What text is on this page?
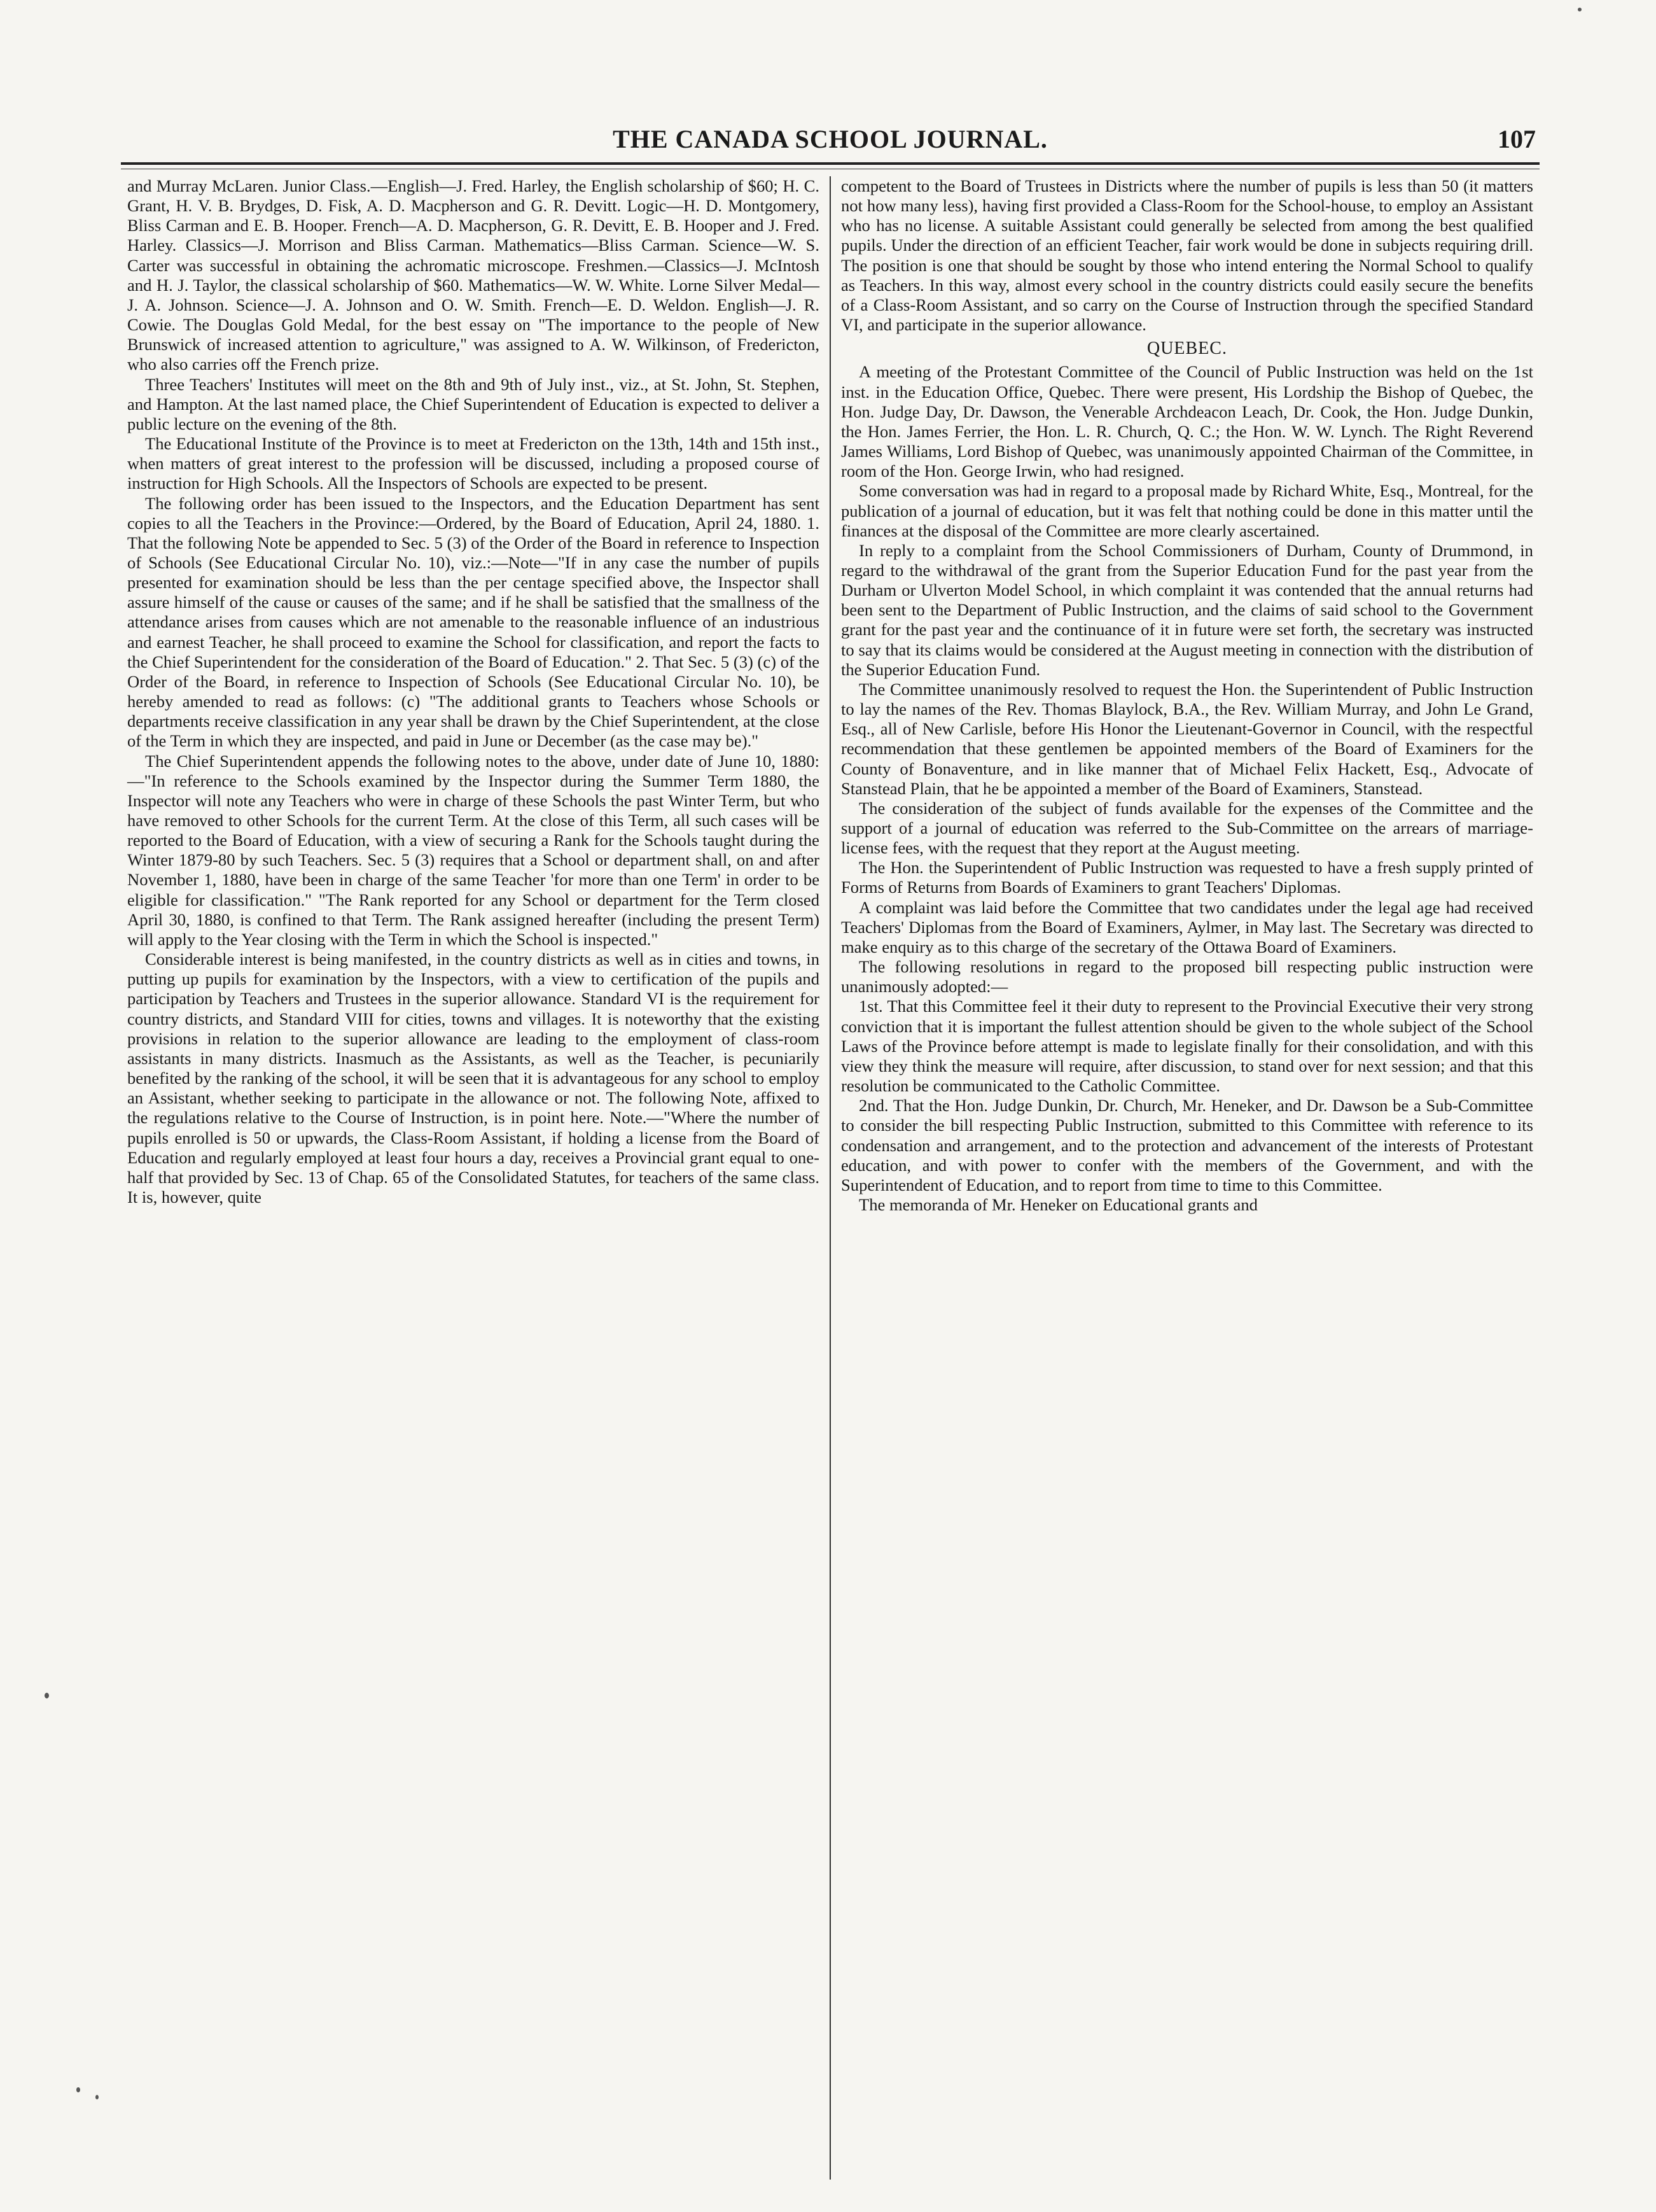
THE CANADA SCHOOL JOURNAL.	107

and Murray McLaren. Junior Class.—English—J. Fred. Harley, the English scholarship of $60; H. C. Grant, H. V. B. Brydges, D. Fisk, A. D. Macpherson and G. R. Devitt. Logic—H. D. Montgomery, Bliss Carman and E. B. Hooper. French—A. D. Macpherson, G. R. Devitt, E. B. Hooper and J. Fred. Harley. Classics—J. Morrison and Bliss Carman. Mathematics—Bliss Carman. Science—W. S. Carter was successful in obtaining the achromatic microscope. Freshmen.—Classics—J. McIntosh and H. J. Taylor, the classical scholarship of $60. Mathematics—W. W. White. Lorne Silver Medal—J. A. Johnson. Science—J. A. Johnson and O. W. Smith. French—E. D. Weldon. English—J. R. Cowie. The Douglas Gold Medal, for the best essay on "The importance to the people of New Brunswick of increased attention to agriculture," was assigned to A. W. Wilkinson, of Fredericton, who also carries off the French prize.

Three Teachers' Institutes will meet on the 8th and 9th of July inst., viz., at St. John, St. Stephen, and Hampton. At the last named place, the Chief Superintendent of Education is expected to deliver a public lecture on the evening of the 8th.

The Educational Institute of the Province is to meet at Fredericton on the 13th, 14th and 15th inst., when matters of great interest to the profession will be discussed, including a proposed course of instruction for High Schools. All the Inspectors of Schools are expected to be present.

The following order has been issued to the Inspectors, and the Education Department has sent copies to all the Teachers in the Province:—Ordered, by the Board of Education, April 24, 1880. 1. That the following Note be appended to Sec. 5 (3) of the Order of the Board in reference to Inspection of Schools (See Educational Circular No. 10), viz.:—Note—"If in any case the number of pupils presented for examination should be less than the per centage specified above, the Inspector shall assure himself of the cause or causes of the same; and if he shall be satisfied that the smallness of the attendance arises from causes which are not amenable to the reasonable influence of an industrious and earnest Teacher, he shall proceed to examine the School for classification, and report the facts to the Chief Superintendent for the consideration of the Board of Education." 2. That Sec. 5 (3) (c) of the Order of the Board, in reference to Inspection of Schools (See Educational Circular No. 10), be hereby amended to read as follows: (c) "The additional grants to Teachers whose Schools or departments receive classification in any year shall be drawn by the Chief Superintendent, at the close of the Term in which they are inspected, and paid in June or December (as the case may be)."

The Chief Superintendent appends the following notes to the above, under date of June 10, 1880:—"In reference to the Schools examined by the Inspector during the Summer Term 1880, the Inspector will note any Teachers who were in charge of these Schools the past Winter Term, but who have removed to other Schools for the current Term. At the close of this Term, all such cases will be reported to the Board of Education, with a view of securing a Rank for the Schools taught during the Winter 1879-80 by such Teachers. Sec. 5 (3) requires that a School or department shall, on and after November 1, 1880, have been in charge of the same Teacher 'for more than one Term' in order to be eligible for classification." "The Rank reported for any School or department for the Term closed April 30, 1880, is confined to that Term. The Rank assigned hereafter (including the present Term) will apply to the Year closing with the Term in which the School is inspected."

Considerable interest is being manifested, in the country districts as well as in cities and towns, in putting up pupils for examination by the Inspectors, with a view to certification of the pupils and participation by Teachers and Trustees in the superior allowance. Standard VI is the requirement for country districts, and Standard VIII for cities, towns and villages. It is noteworthy that the existing provisions in relation to the superior allowance are leading to the employment of class-room assistants in many districts. Inasmuch as the Assistants, as well as the Teacher, is pecuniarily benefited by the ranking of the school, it will be seen that it is advantageous for any school to employ an Assistant, whether seeking to participate in the allowance or not. The following Note, affixed to the regulations relative to the Course of Instruction, is in point here. Note.—"Where the number of pupils enrolled is 50 or upwards, the Class-Room Assistant, if holding a license from the Board of Education and regularly employed at least four hours a day, receives a Provincial grant equal to one-half that provided by Sec. 13 of Chap. 65 of the Consolidated Statutes, for teachers of the same class. It is, however, quite

competent to the Board of Trustees in Districts where the number of pupils is less than 50 (it matters not how many less), having first provided a Class-Room for the School-house, to employ an Assistant who has no license. A suitable Assistant could generally be selected from among the best qualified pupils. Under the direction of an efficient Teacher, fair work would be done in subjects requiring drill. The position is one that should be sought by those who intend entering the Normal School to qualify as Teachers. In this way, almost every school in the country districts could easily secure the benefits of a Class-Room Assistant, and so carry on the Course of Instruction through the specified Standard VI, and participate in the superior allowance.

QUEBEC.

A meeting of the Protestant Committee of the Council of Public Instruction was held on the 1st inst. in the Education Office, Quebec. There were present, His Lordship the Bishop of Quebec, the Hon. Judge Day, Dr. Dawson, the Venerable Archdeacon Leach, Dr. Cook, the Hon. Judge Dunkin, the Hon. James Ferrier, the Hon. L. R. Church, Q. C.; the Hon. W. W. Lynch. The Right Reverend James Williams, Lord Bishop of Quebec, was unanimously appointed Chairman of the Committee, in room of the Hon. George Irwin, who had resigned.

Some conversation was had in regard to a proposal made by Richard White, Esq., Montreal, for the publication of a journal of education, but it was felt that nothing could be done in this matter until the finances at the disposal of the Committee are more clearly ascertained.

In reply to a complaint from the School Commissioners of Durham, County of Drummond, in regard to the withdrawal of the grant from the Superior Education Fund for the past year from the Durham or Ulverton Model School, in which complaint it was contended that the annual returns had been sent to the Department of Public Instruction, and the claims of said school to the Government grant for the past year and the continuance of it in future were set forth, the secretary was instructed to say that its claims would be considered at the August meeting in connection with the distribution of the Superior Education Fund.

The Committee unanimously resolved to request the Hon. the Superintendent of Public Instruction to lay the names of the Rev. Thomas Blaylock, B.A., the Rev. William Murray, and John Le Grand, Esq., all of New Carlisle, before His Honor the Lieutenant-Governor in Council, with the respectful recommendation that these gentlemen be appointed members of the Board of Examiners for the County of Bonaventure, and in like manner that of Michael Felix Hackett, Esq., Advocate of Stanstead Plain, that he be appointed a member of the Board of Examiners, Stanstead.

The consideration of the subject of funds available for the expenses of the Committee and the support of a journal of education was referred to the Sub-Committee on the arrears of marriage-license fees, with the request that they report at the August meeting.

The Hon. the Superintendent of Public Instruction was requested to have a fresh supply printed of Forms of Returns from Boards of Examiners to grant Teachers' Diplomas.

A complaint was laid before the Committee that two candidates under the legal age had received Teachers' Diplomas from the Board of Examiners, Aylmer, in May last. The Secretary was directed to make enquiry as to this charge of the secretary of the Ottawa Board of Examiners.

The following resolutions in regard to the proposed bill respecting public instruction were unanimously adopted:—

1st. That this Committee feel it their duty to represent to the Provincial Executive their very strong conviction that it is important the fullest attention should be given to the whole subject of the School Laws of the Province before attempt is made to legislate finally for their consolidation, and with this view they think the measure will require, after discussion, to stand over for next session; and that this resolution be communicated to the Catholic Committee.

2nd. That the Hon. Judge Dunkin, Dr. Church, Mr. Heneker, and Dr. Dawson be a Sub-Committee to consider the bill respecting Public Instruction, submitted to this Committee with reference to its condensation and arrangement, and to the protection and advancement of the interests of Protestant education, and with power to confer with the members of the Government, and with the Superintendent of Education, and to report from time to time to this Committee.

The memoranda of Mr. Heneker on Educational grants and
